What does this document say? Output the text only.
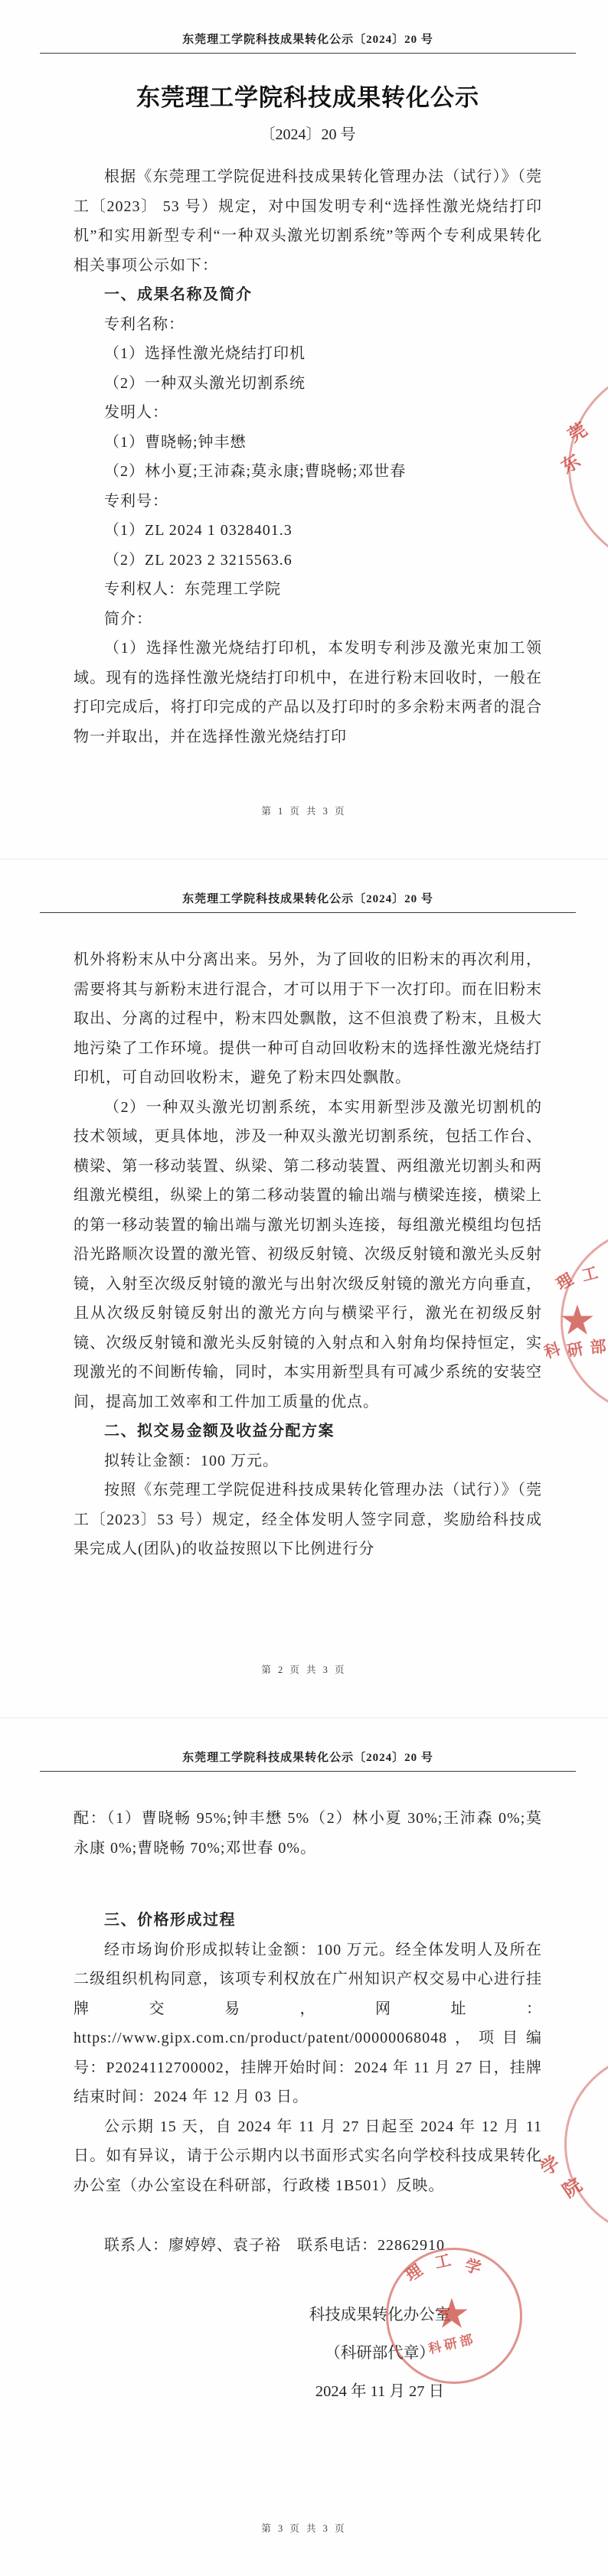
东莞理工学院科技成果转化公示〔2024〕20 号
东莞理工学院科技成果转化公示
〔2024〕20 号

根据《东莞理工学院促进科技成果转化管理办法（试行）》（莞工〔2023〕 53 号）规定，对中国发明专利“选择性激光烧结打印机”和实用新型专利“一种双头激光切割系统”等两个专利成果转化相关事项公示如下：

一、成果名称及简介

专利名称：

（1）选择性激光烧结打印机

（2）一种双头激光切割系统

发明人：

（1）曹晓畅;钟丰懋

（2）林小夏;王沛森;莫永康;曹晓畅;邓世春

专利号：

（1）ZL 2024 1 0328401.3

（2）ZL 2023 2 3215563.6

专利权人：东莞理工学院

简介：

（1）选择性激光烧结打印机，本发明专利涉及激光束加工领域。现有的选择性激光烧结打印机中，在进行粉末回收时，一般在打印完成后，将打印完成的产品以及打印时的多余粉末两者的混合物一并取出，并在选择性激光烧结打印

莞
东
第 1 页 共 3 页
东莞理工学院科技成果转化公示〔2024〕20 号

机外将粉末从中分离出来。另外，为了回收的旧粉末的再次利用，需要将其与新粉末进行混合，才可以用于下一次打印。而在旧粉末取出、分离的过程中，粉末四处飘散，这不但浪费了粉末，且极大地污染了工作环境。提供一种可自动回收粉末的选择性激光烧结打印机，可自动回收粉末，避免了粉末四处飘散。

（2）一种双头激光切割系统，本实用新型涉及激光切割机的技术领域，更具体地，涉及一种双头激光切割系统，包括工作台、横梁、第一移动装置、纵梁、第二移动装置、两组激光切割头和两组激光模组，纵梁上的第二移动装置的输出端与横梁连接，横梁上的第一移动装置的输出端与激光切割头连接，每组激光模组均包括沿光路顺次设置的激光管、初级反射镜、次级反射镜和激光头反射镜，入射至次级反射镜的激光与出射次级反射镜的激光方向垂直，且从次级反射镜反射出的激光方向与横梁平行，激光在初级反射镜、次级反射镜和激光头反射镜的入射点和入射角均保持恒定，实现激光的不间断传输，同时，本实用新型具有可减少系统的安装空间，提高加工效率和工件加工质量的优点。

二、拟交易金额及收益分配方案

拟转让金额：100 万元。

按照《东莞理工学院促进科技成果转化管理办法（试行）》（莞工〔2023〕53 号）规定，经全体发明人签字同意，奖励给科技成果完成人(团队)的收益按照以下比例进行分

理 工
★
科 研 部
第 2 页 共 3 页
东莞理工学院科技成果转化公示〔2024〕20 号

配：（1）曹晓畅 95%;钟丰懋 5%（2）林小夏 30%;王沛森 0%;莫永康 0%;曹晓畅 70%;邓世春 0%。

三、价格形成过程

经市场询价形成拟转让金额：100 万元。经全体发明人及所在二级组织机构同意，该项专利权放在广州知识产权交易中心进行挂牌交易，网址：https://www.gipx.com.cn/product/patent/00000068048，项目编号：P2024112700002，挂牌开始时间：2024 年 11 月 27 日，挂牌结束时间：2024 年 12 月 03 日。

公示期 15 天，自 2024 年 11 月 27 日起至 2024 年 12 月 11 日。如有异议，请于公示期内以书面形式实名向学校科技成果转化办公室（办公室设在科研部，行政楼 1B501）反映。

联系人：廖婷婷、袁子裕　联系电话：22862910

科技成果转化办公室
（科研部代章）
2024 年 11 月 27 日
理 工 学
★
科研部
学
院
第 3 页 共 3 页
